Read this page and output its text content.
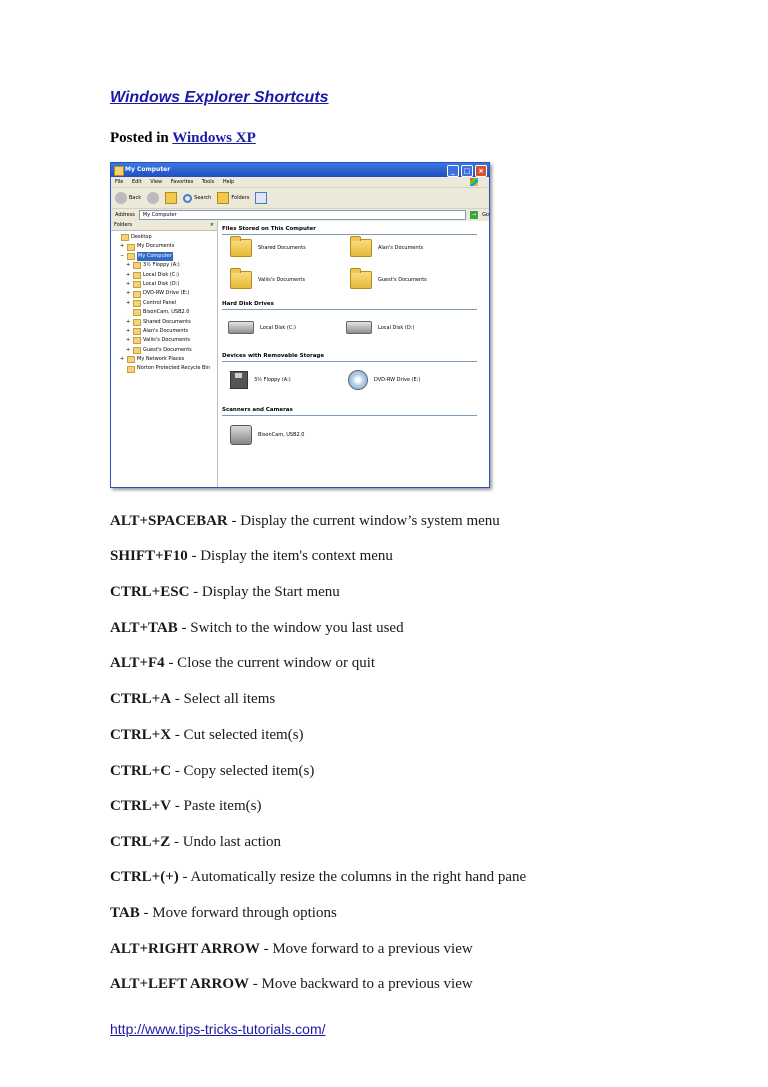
Windows Explorer Shortcuts
Posted in Windows XP
My Computer	_	□	×
File Edit View Favorites Tools Help
Back	Search	Folders
Address	My Computer	→	Go
Folders	×
Desktop
+	My Documents
−	My Computer
+	3½ Floppy (A:)
+	Local Disk (C:)
+	Local Disk (D:)
+	DVD-RW Drive (E:)
+	Control Panel
BisonCam, USB2.0
+	Shared Documents
+	Alan's Documents
+	Valiis's Documents
+	Guest's Documents
+	My Network Places
Norton Protected Recycle Bin
Files Stored on This Computer
Shared Documents	Alan's Documents
Valiis's Documents	Guest's Documents
Hard Disk Drives
Local Disk (C:)	Local Disk (D:)
Devices with Removable Storage
3½ Floppy (A:)	DVD-RW Drive (E:)
Scanners and Cameras
BisonCam, USB2.0

ALT+SPACEBAR - Display the current window’s system menu

SHIFT+F10 - Display the item's context menu

CTRL+ESC - Display the Start menu

ALT+TAB - Switch to the window you last used

ALT+F4 - Close the current window or quit

CTRL+A - Select all items

CTRL+X - Cut selected item(s)

CTRL+C - Copy selected item(s)

CTRL+V - Paste item(s)

CTRL+Z - Undo last action

CTRL+(+) - Automatically resize the columns in the right hand pane

TAB - Move forward through options

ALT+RIGHT ARROW - Move forward to a previous view

ALT+LEFT ARROW - Move backward to a previous view

http://www.tips-tricks-tutorials.com/
